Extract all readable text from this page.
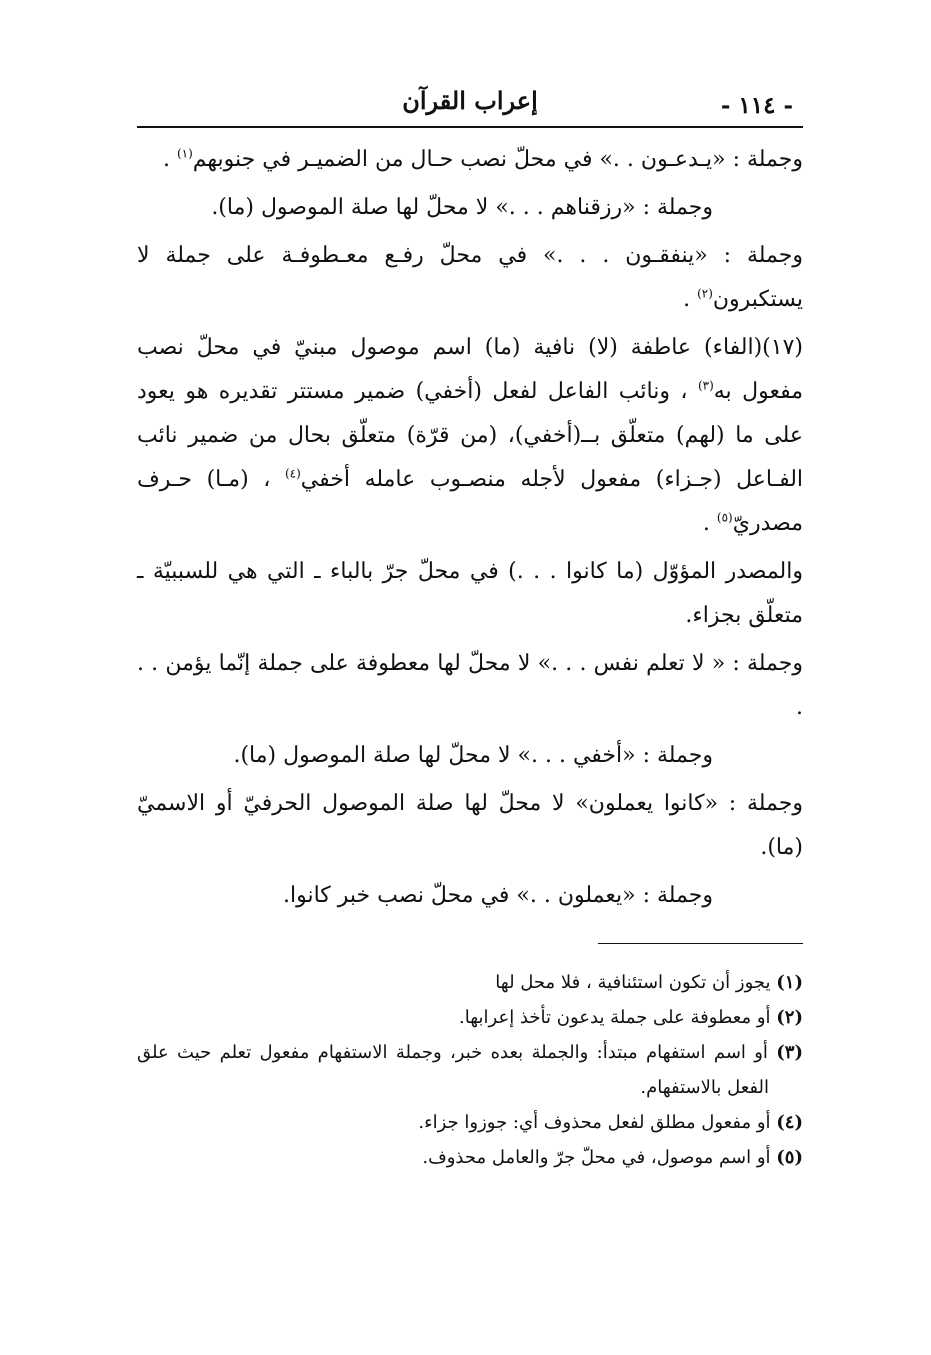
- ١١٤ -
إعراب القرآن

وجملة : «يـدعـون . .» في محلّ نصب حـال من الضميـر في جنوبهم$^{(١)}$ .

وجملة : «رزقناهم . . .» لا محلّ لها صلة الموصول (ما).

وجملة : «ينفقـون . . .» في محلّ رفـع معـطوفـة على جملة لا يستكبرون$^{(٢)}$ .

(١٧)(الفاء) عاطفة (لا) نافية (ما) اسم موصول مبنيّ في محلّ نصب مفعول به$^{(٣)}$ ، ونائب الفاعل لفعل (أخفي) ضمير مستتر تقديره هو يعود على ما (لهم) متعلّق بــ(أخفي)، (من قرّة) متعلّق بحال من ضمير نائب الفـاعل (جـزاء) مفعول لأجله منصـوب عامله أخفي$^{(٤)}$ ، (مـا) حـرف مصدريّ$^{(٥)}$ .

والمصدر المؤوّل (ما كانوا . . .) في محلّ جرّ بالباء ـ التي هي للسببيّة ـ متعلّق بجزاء.

وجملة : « لا تعلم نفس . . .» لا محلّ لها معطوفة على جملة إنّما يؤمن . . .

وجملة : «أخفي . . .» لا محلّ لها صلة الموصول (ما).

وجملة : «كانوا يعملون» لا محلّ لها صلة الموصول الحرفيّ أو الاسميّ (ما).

وجملة : «يعملون . .» في محلّ نصب خبر كانوا.

(١) يجوز أن تكون استئنافية ، فلا محل لها

(٢) أو معطوفة على جملة يدعون تأخذ إعرابها.

(٣) أو اسم استفهام مبتدأ: والجملة بعده خبر، وجملة الاستفهام مفعول تعلم حيث علق الفعل بالاستفهام.

(٤) أو مفعول مطلق لفعل محذوف أي: جوزوا جزاء.

(٥) أو اسم موصول، في محلّ جرّ والعامل محذوف.
